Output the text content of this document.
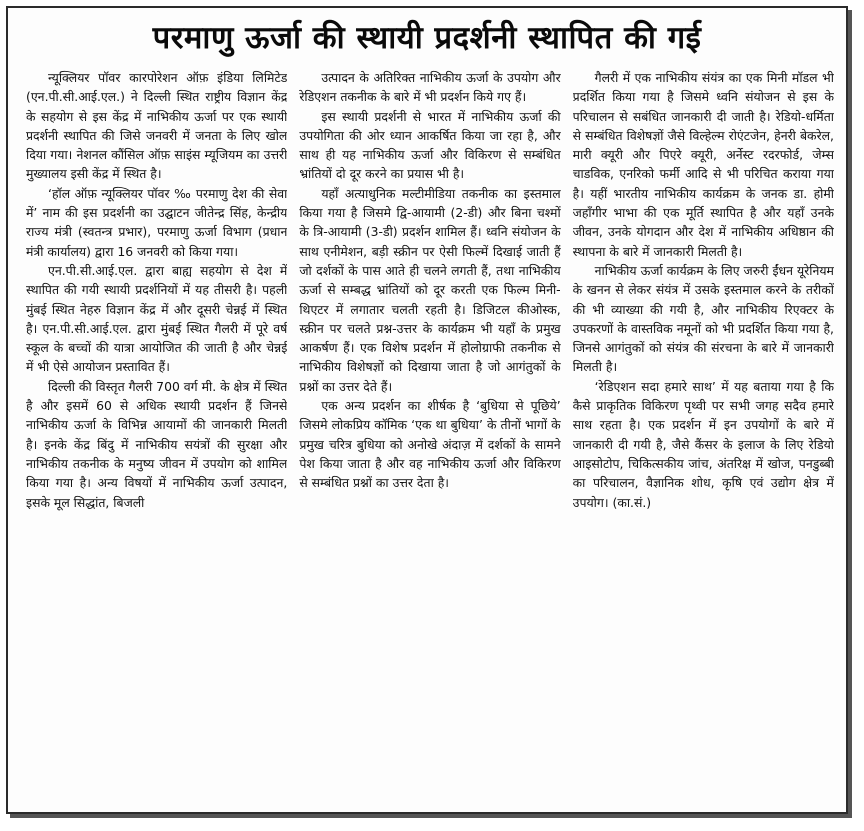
परमाणु ऊर्जा की स्थायी प्रदर्शनी स्थापित की गई

न्यूक्लियर पॉवर कारपोरेशन ऑफ़ इंडिया लिमिटेड (एन.पी.सी.आई.एल.) ने दिल्ली स्थित राष्ट्रीय विज्ञान केंद्र के सहयोग से इस केंद्र में नाभिकीय ऊर्जा पर एक स्थायी प्रदर्शनी स्थापित की जिसे जनवरी में जनता के लिए खोल दिया गया। नेशनल कौंसिल ऑफ़ साइंस म्यूजियम का उत्तरी मुख्यालय इसी केंद्र में स्थित है।

‘हॉल ऑफ़ न्यूक्लियर पॉवर ‰ परमाणु देश की सेवा में’ नाम की इस प्रदर्शनी का उद्घाटन जीतेन्द्र सिंह, केन्द्रीय राज्य मंत्री (स्वतन्त्र प्रभार), परमाणु ऊर्जा विभाग (प्रधान मंत्री कार्यालय) द्वारा 16 जनवरी को किया गया।

एन.पी.सी.आई.एल. द्वारा बाह्य सहयोग से देश में स्थापित की गयी स्थायी प्रदर्शनियों में यह तीसरी है। पहली मुंबई स्थित नेहरु विज्ञान केंद्र में और दूसरी चेन्नई में स्थित है। एन.पी.सी.आई.एल. द्वारा मुंबई स्थित गैलरी में पूरे वर्ष स्कूल के बच्चों की यात्रा आयोजित की जाती है और चेन्नई में भी ऐसे आयोजन प्रस्तावित हैं।

दिल्ली की विस्तृत गैलरी 700 वर्ग मी. के क्षेत्र में स्थित है और इसमें 60 से अधिक स्थायी प्रदर्शन हैं जिनसे नाभिकीय ऊर्जा के विभिन्न आयामों की जानकारी मिलती है। इनके केंद्र बिंदु में नाभिकीय सयंत्रों की सुरक्षा और नाभिकीय तकनीक के मनुष्य जीवन में उपयोग को शामिल किया गया है। अन्य विषयों में नाभिकीय ऊर्जा उत्पादन, इसके मूल सिद्धांत, बिजली

उत्पादन के अतिरिक्त नाभिकीय ऊर्जा के उपयोग और रेडिएशन तकनीक के बारे में भी प्रदर्शन किये गए हैं।

इस स्थायी प्रदर्शनी से भारत में नाभिकीय ऊर्जा की उपयोगिता की ओर ध्यान आकर्षित किया जा रहा है, और साथ ही यह नाभिकीय ऊर्जा और विकिरण से सम्बंधित भ्रांतियों दो दूर करने का प्रयास भी है।

यहाँ अत्याधुनिक मल्टीमीडिया तकनीक का इस्तमाल किया गया है जिसमे द्वि-आयामी (2-डी) और बिना चश्मों के त्रि-आयामी (3-डी) प्रदर्शन शामिल हैं। ध्वनि संयोजन के साथ एनीमेशन, बड़ी स्क्रीन पर ऐसी फिल्में दिखाई जाती हैं जो दर्शकों के पास आते ही चलने लगती हैं, तथा नाभिकीय ऊर्जा से सम्बद्ध भ्रांतियों को दूर करती एक फिल्म मिनी-थिएटर में लगातार चलती रहती है। डिजिटल कीओस्क, स्क्रीन पर चलते प्रश्न-उत्तर के कार्यक्रम भी यहाँ के प्रमुख आकर्षण हैं। एक विशेष प्रदर्शन में होलोग्राफी तकनीक से नाभिकीय विशेषज्ञों को दिखाया जाता है जो आगंतुकों के प्रश्नों का उत्तर देते हैं।

एक अन्य प्रदर्शन का शीर्षक है ‘बुधिया से पूछिये’ जिसमे लोकप्रिय कॉमिक ‘एक था बुधिया’ के तीनों भागों के प्रमुख चरित्र बुधिया को अनोखे अंदाज़ में दर्शकों के सामने पेश किया जाता है और वह नाभिकीय ऊर्जा और विकिरण से सम्बंधित प्रश्नों का उत्तर देता है।

गैलरी में एक नाभिकीय संयंत्र का एक मिनी मॉडल भी प्रदर्शित किया गया है जिसमे ध्वनि संयोजन से इस के परिचालन से सबंधित जानकारी दी जाती है। रेडियो-धर्मिता से सम्बंधित विशेषज्ञों जैसे विल्हेल्म रोएंटजेन, हेनरी बेकरेल, मारी क्यूरी और पिएरे क्यूरी, अर्नेस्ट रदरफोर्ड, जेम्स चाडविक, एनरिको फर्मी आदि से भी परिचित कराया गया है। यहीं भारतीय नाभिकीय कार्यक्रम के जनक डा. होमी जहाँगीर भाभा की एक मूर्ति स्थापित है और यहाँ उनके जीवन, उनके योगदान और देश में नाभिकीय अधिष्ठान की स्थापना के बारे में जानकारी मिलती है।

नाभिकीय ऊर्जा कार्यक्रम के लिए जरुरी ईंधन यूरेनियम के खनन से लेकर संयंत्र में उसके इस्तमाल करने के तरीकों की भी व्याख्या की गयी है, और नाभिकीय रिएक्टर के उपकरणों के वास्तविक नमूनों को भी प्रदर्शित किया गया है, जिनसे आगंतुकों को संयंत्र की संरचना के बारे में जानकारी मिलती है।

‘रेडिएशन सदा हमारे साथ’ में यह बताया गया है कि कैसे प्राकृतिक विकिरण पृथ्वी पर सभी जगह सदैव हमारे साथ रहता है। एक प्रदर्शन में इन उपयोगों के बारे में जानकारी दी गयी है, जैसे कैंसर के इलाज के लिए रेडियो आइसोटोप, चिकित्सकीय जांच, अंतरिक्ष में खोज, पनडुब्बी का परिचालन, वैज्ञानिक शोध, कृषि एवं उद्योग क्षेत्र में उपयोग। (का.सं.)
